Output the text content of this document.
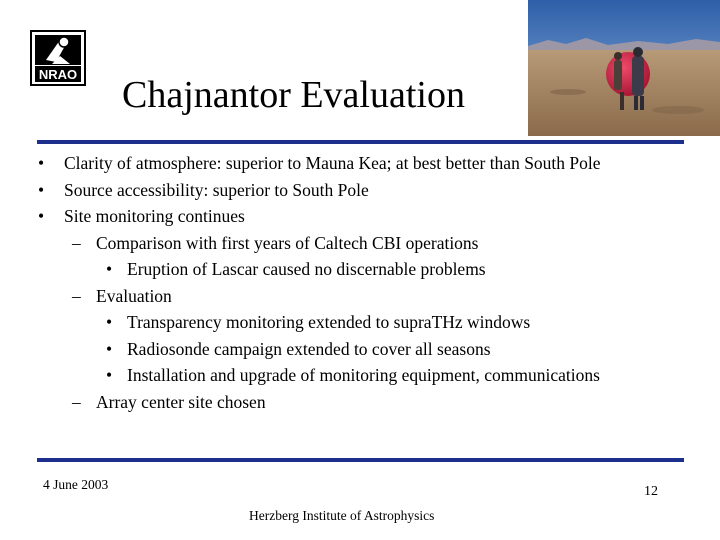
NRAO Chajnantor Evaluation
• Clarity of atmosphere: superior to Mauna Kea; at best better than South Pole
• Source accessibility: superior to South Pole
• Site monitoring continues
– Comparison with first years of Caltech CBI operations
• Eruption of Lascar caused no discernable problems
– Evaluation
• Transparency monitoring extended to supraTHz windows
• Radiosonde campaign extended to cover all seasons
• Installation and upgrade of monitoring equipment, communications
– Array center site chosen
4 June 2003	12
Herzberg Institute of Astrophysics
